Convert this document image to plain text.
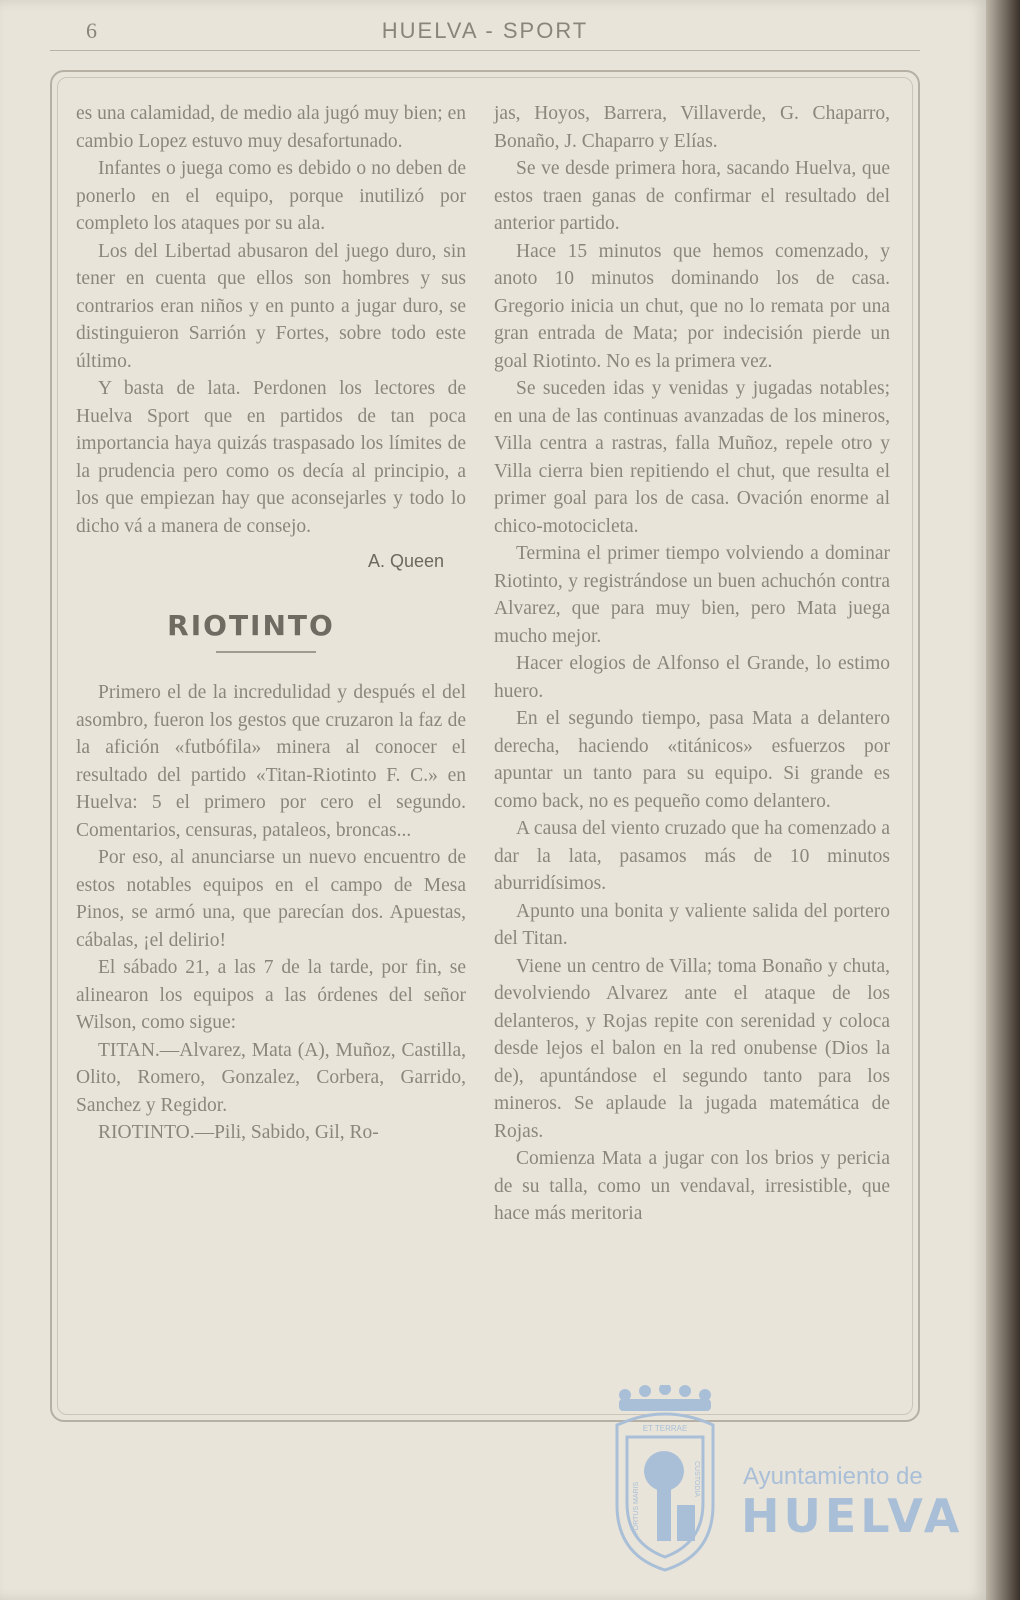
6	HUELVA - SPORT

es una calamidad, de medio ala jugó muy bien; en cambio Lopez estuvo muy desafortunado.

Infantes o juega como es debido o no deben de ponerlo en el equipo, porque inutilizó por completo los ataques por su ala.

Los del Libertad abusaron del juego duro, sin tener en cuenta que ellos son hombres y sus contrarios eran niños y en punto a jugar duro, se distinguieron Sarrión y Fortes, sobre todo este último.

Y basta de lata. Perdonen los lectores de Huelva Sport que en partidos de tan poca importancia haya quizás traspasado los límites de la prudencia pero como os decía al principio, a los que empiezan hay que aconsejarles y todo lo dicho vá a manera de consejo.

A. Queen
RIOTINTO

Primero el de la incredulidad y después el del asombro, fueron los gestos que cruzaron la faz de la afición «futbófila» minera al conocer el resultado del partido «Titan-Riotinto F. C.» en Huelva: 5 el primero por cero el segundo. Comentarios, censuras, pataleos, broncas...

Por eso, al anunciarse un nuevo encuentro de estos notables equipos en el campo de Mesa Pinos, se armó una, que parecían dos. Apuestas, cábalas, ¡el delirio!

El sábado 21, a las 7 de la tarde, por fin, se alinearon los equipos a las órdenes del señor Wilson, como sigue:

TITAN.—Alvarez, Mata (A), Muñoz, Castilla, Olito, Romero, Gonzalez, Corbera, Garrido, Sanchez y Regidor.

RIOTINTO.—Pili, Sabido, Gil, Ro-

jas, Hoyos, Barrera, Villaverde, G. Chaparro, Bonaño, J. Chaparro y Elías.

Se ve desde primera hora, sacando Huelva, que estos traen ganas de confirmar el resultado del anterior partido.

Hace 15 minutos que hemos comenzado, y anoto 10 minutos dominando los de casa. Gregorio inicia un chut, que no lo remata por una gran entrada de Mata; por indecisión pierde un goal Riotinto. No es la primera vez.

Se suceden idas y venidas y jugadas notables; en una de las continuas avanzadas de los mineros, Villa centra a rastras, falla Muñoz, repele otro y Villa cierra bien repitiendo el chut, que resulta el primer goal para los de casa. Ovación enorme al chico-motocicleta.

Termina el primer tiempo volviendo a dominar Riotinto, y registrándose un buen achuchón contra Alvarez, que para muy bien, pero Mata juega mucho mejor.

Hacer elogios de Alfonso el Grande, lo estimo huero.

En el segundo tiempo, pasa Mata a delantero derecha, haciendo «titánicos» esfuerzos por apuntar un tanto para su equipo. Si grande es como back, no es pequeño como delantero.

A causa del viento cruzado que ha comenzado a dar la lata, pasamos más de 10 minutos aburridísimos.

Apunto una bonita y valiente salida del portero del Titan.

Viene un centro de Villa; toma Bonaño y chuta, devolviendo Alvarez ante el ataque de los delanteros, y Rojas repite con serenidad y coloca desde lejos el balon en la red onubense (Dios la de), apuntándose el segundo tanto para los mineros. Se aplaude la jugada matemática de Rojas.

Comienza Mata a jugar con los brios y pericia de su talla, como un vendaval, irresistible, que hace más meritoria

ET TERRAE
PORTUS MARIS
CUSTODIA Ayuntamiento de
HUELVA
